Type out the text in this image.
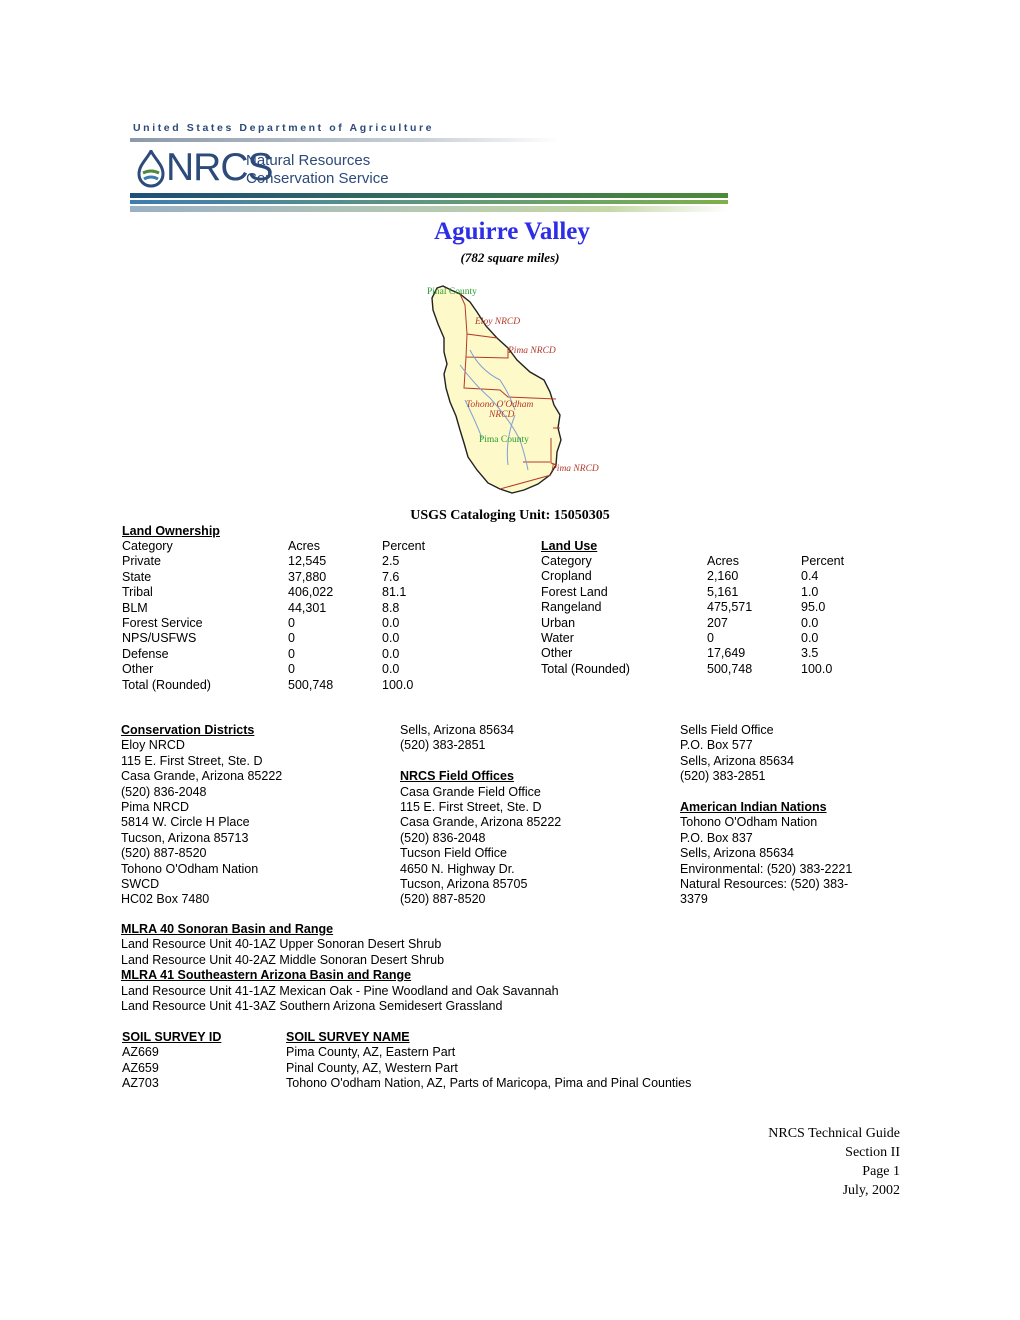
United States Department of Agriculture
NRCS
Natural Resources
Conservation Service
Aguirre Valley
(782 square miles)
Pinal County
Eloy NRCD
Pima NRCD
Tohono O'Odham
NRCD
Pima County
Pima NRCD
USGS Cataloging Unit: 15050305
Land Ownership
Category	Acres	Percent
Private	12,545	2.5
State	37,880	7.6
Tribal	406,022	81.1
BLM	44,301	8.8
Forest Service	0	0.0
NPS/USFWS	0	0.0
Defense	0	0.0
Other	0	0.0
Total (Rounded)	500,748	100.0
Land Use
Category	Acres	Percent
Cropland	2,160	0.4
Forest Land	5,161	1.0
Rangeland	475,571	95.0
Urban	207	0.0
Water	0	0.0
Other	17,649	3.5
Total (Rounded)	500,748	100.0
Conservation Districts
Eloy NRCD
115 E. First Street, Ste. D
Casa Grande, Arizona 85222
(520) 836-2048
Pima NRCD
5814 W. Circle H Place
Tucson, Arizona 85713
(520) 887-8520
Tohono O'Odham Nation
SWCD
HC02 Box 7480
Sells, Arizona 85634
(520) 383-2851
NRCS Field Offices
Casa Grande Field Office
115 E. First Street, Ste. D
Casa Grande, Arizona 85222
(520) 836-2048
Tucson Field Office
4650 N. Highway Dr.
Tucson, Arizona 85705
(520) 887-8520
Sells Field Office
P.O. Box 577
Sells, Arizona 85634
(520) 383-2851
American Indian Nations
Tohono O'Odham Nation
P.O. Box 837
Sells, Arizona 85634
Environmental: (520) 383-2221
Natural Resources: (520) 383-
3379
MLRA 40 Sonoran Basin and Range
Land Resource Unit 40-1AZ Upper Sonoran Desert Shrub
Land Resource Unit 40-2AZ Middle Sonoran Desert Shrub
MLRA 41 Southeastern Arizona Basin and Range
Land Resource Unit 41-1AZ Mexican Oak - Pine Woodland and Oak Savannah
Land Resource Unit 41-3AZ Southern Arizona Semidesert Grassland
SOIL SURVEY ID	SOIL SURVEY NAME
AZ669	Pima County, AZ, Eastern Part
AZ659	Pinal County, AZ, Western Part
AZ703	Tohono O'odham Nation, AZ, Parts of Maricopa, Pima and Pinal Counties
NRCS Technical Guide
Section II
Page 1
July, 2002
